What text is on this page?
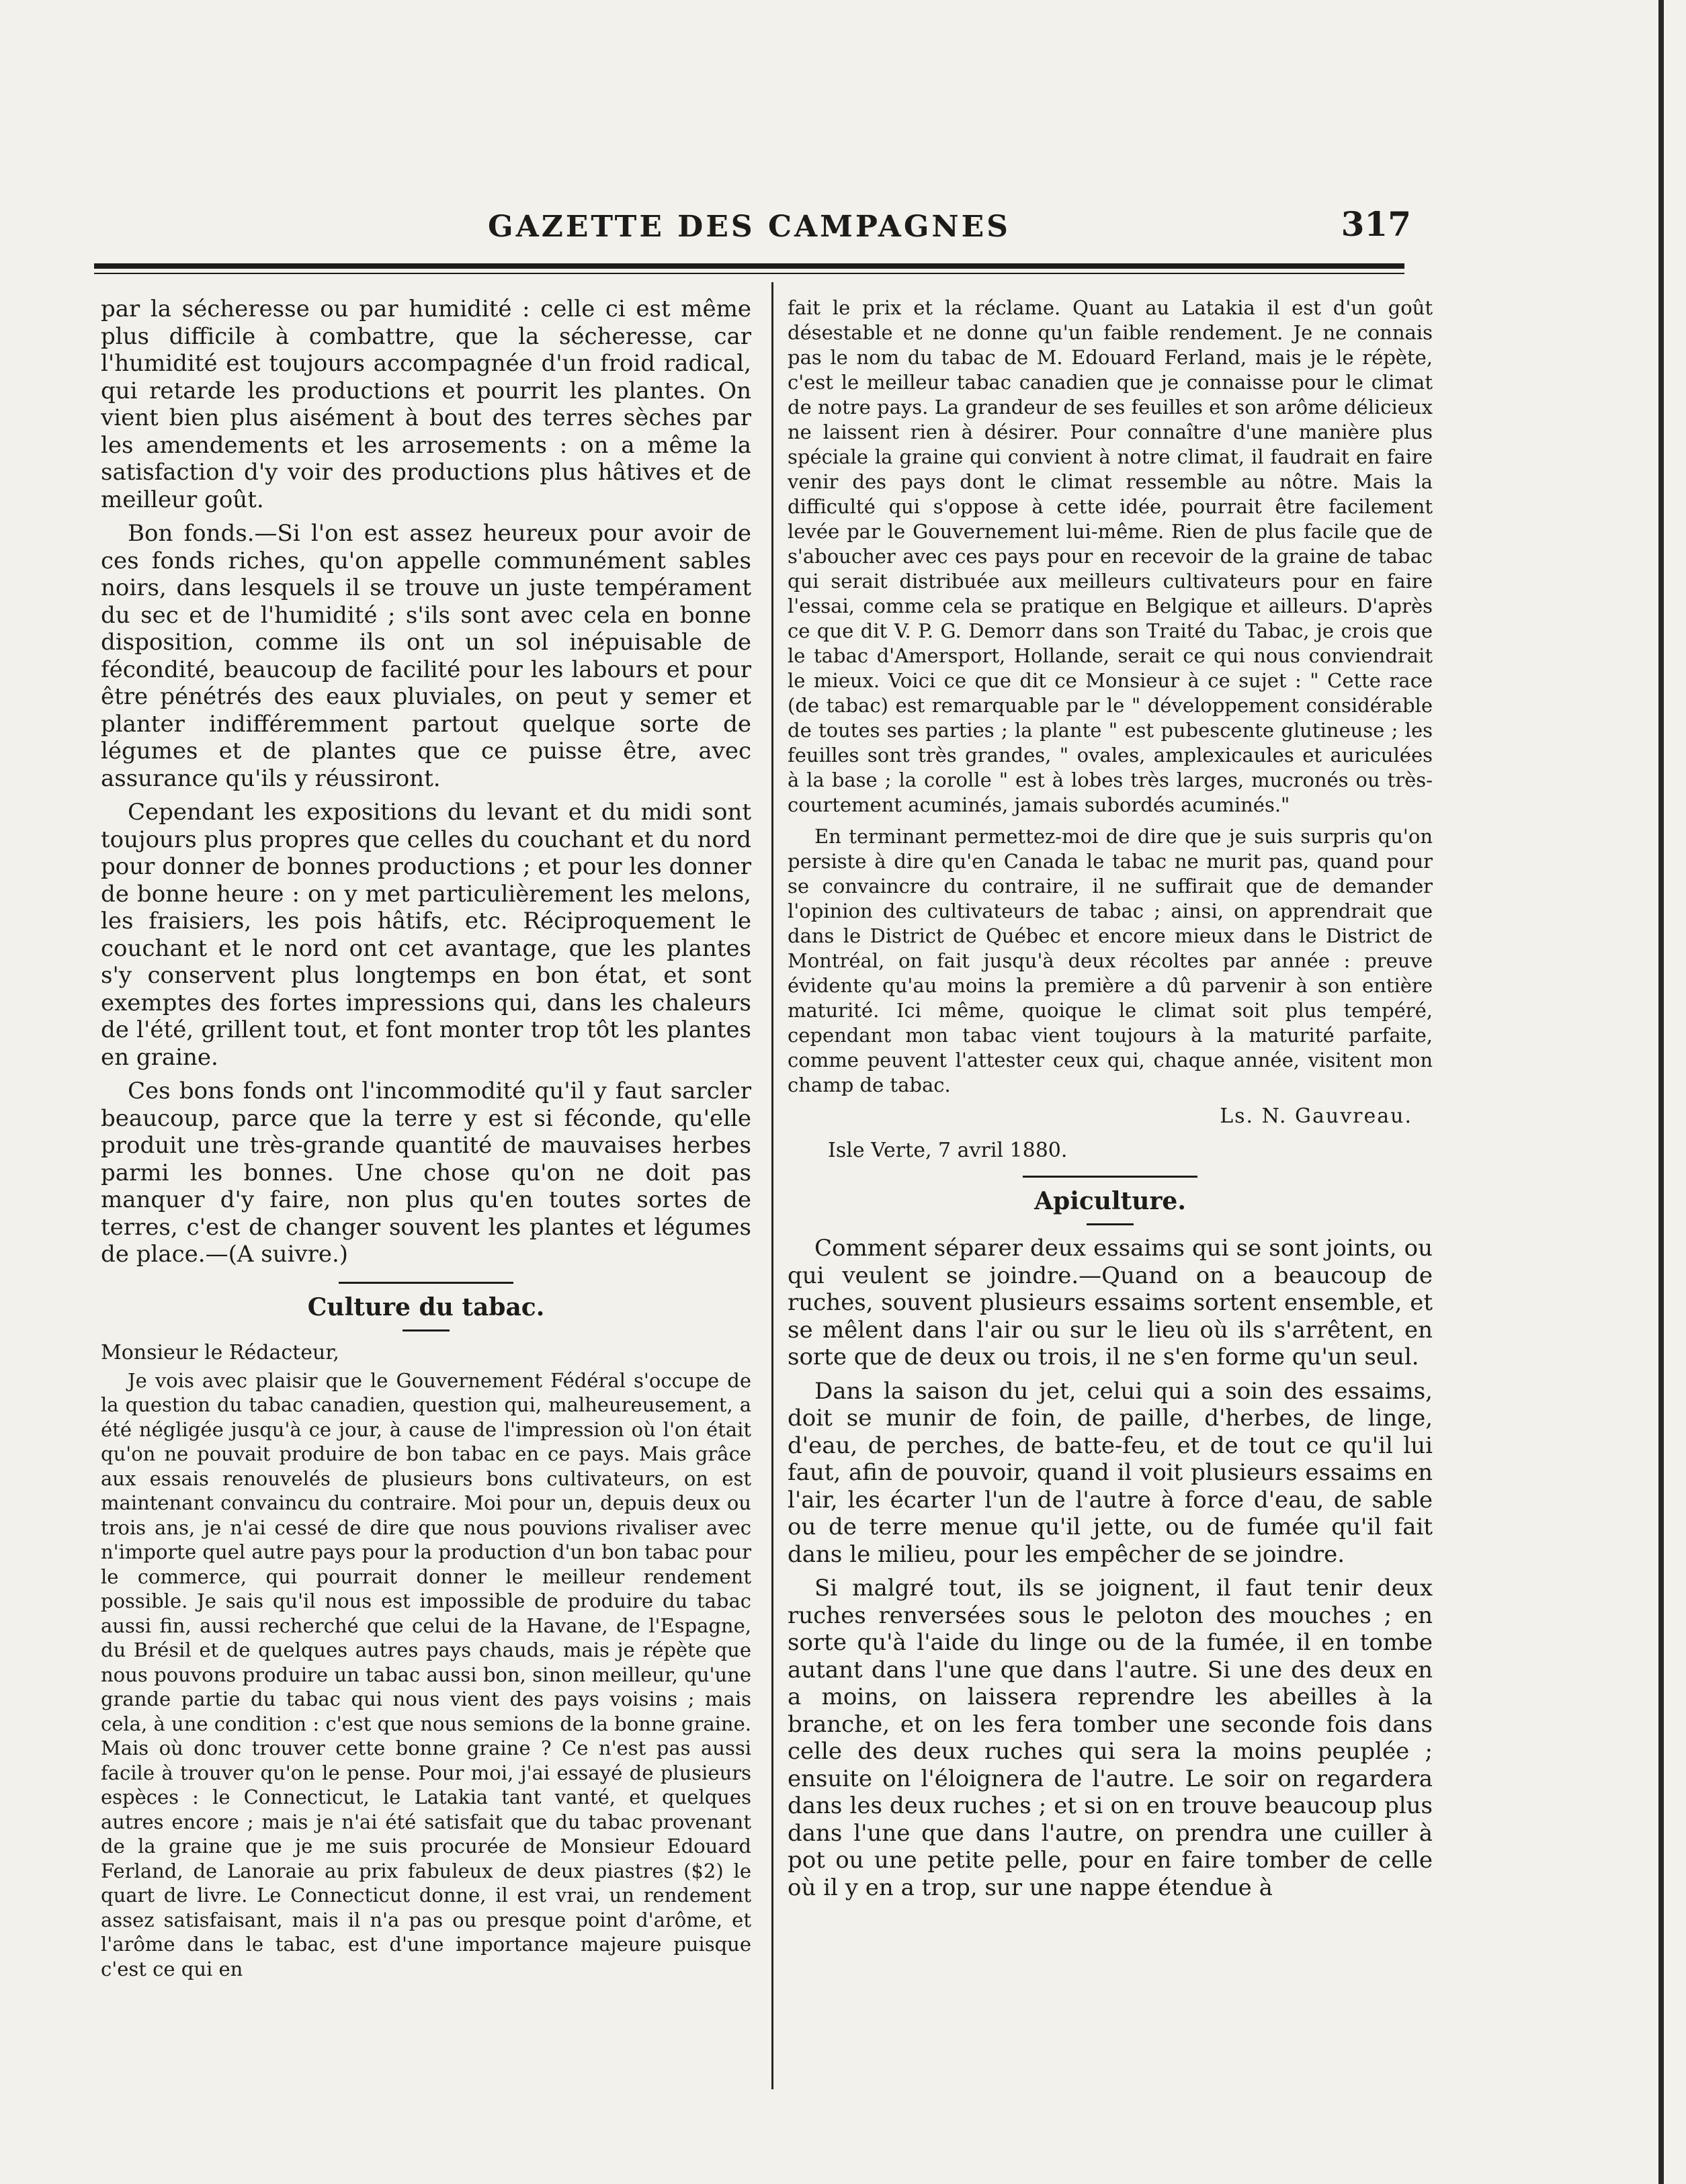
GAZETTE DES CAMPAGNES	317

par la sécheresse ou par humidité : celle ci est même plus difficile à combattre, que la sécheresse, car l'humidité est toujours accompagnée d'un froid radical, qui retarde les productions et pourrit les plantes. On vient bien plus aisément à bout des terres sèches par les amendements et les arrosements : on a même la satisfaction d'y voir des productions plus hâtives et de meilleur goût.

Bon fonds.—Si l'on est assez heureux pour avoir de ces fonds riches, qu'on appelle communément sables noirs, dans lesquels il se trouve un juste tempérament du sec et de l'humidité ; s'ils sont avec cela en bonne disposition, comme ils ont un sol inépuisable de fécondité, beaucoup de facilité pour les labours et pour être pénétrés des eaux pluviales, on peut y semer et planter indifféremment partout quelque sorte de légumes et de plantes que ce puisse être, avec assurance qu'ils y réussiront.

Cependant les expositions du levant et du midi sont toujours plus propres que celles du couchant et du nord pour donner de bonnes productions ; et pour les donner de bonne heure : on y met particulièrement les melons, les fraisiers, les pois hâtifs, etc. Réciproquement le couchant et le nord ont cet avantage, que les plantes s'y conservent plus longtemps en bon état, et sont exemptes des fortes impressions qui, dans les chaleurs de l'été, grillent tout, et font monter trop tôt les plantes en graine.

Ces bons fonds ont l'incommodité qu'il y faut sarcler beaucoup, parce que la terre y est si féconde, qu'elle produit une très-grande quantité de mauvaises herbes parmi les bonnes. Une chose qu'on ne doit pas manquer d'y faire, non plus qu'en toutes sortes de terres, c'est de changer souvent les plantes et légumes de place.—(A suivre.)

Culture du tabac.
Monsieur le Rédacteur,

Je vois avec plaisir que le Gouvernement Fédéral s'occupe de la question du tabac canadien, question qui, malheureusement, a été négligée jusqu'à ce jour, à cause de l'impression où l'on était qu'on ne pouvait produire de bon tabac en ce pays. Mais grâce aux essais renouvelés de plusieurs bons cultivateurs, on est maintenant convaincu du contraire. Moi pour un, depuis deux ou trois ans, je n'ai cessé de dire que nous pouvions rivaliser avec n'importe quel autre pays pour la production d'un bon tabac pour le commerce, qui pourrait donner le meilleur rendement possible. Je sais qu'il nous est impossible de produire du tabac aussi fin, aussi recherché que celui de la Havane, de l'Espagne, du Brésil et de quelques autres pays chauds, mais je répète que nous pouvons produire un tabac aussi bon, sinon meilleur, qu'une grande partie du tabac qui nous vient des pays voisins ; mais cela, à une condition : c'est que nous semions de la bonne graine. Mais où donc trouver cette bonne graine ? Ce n'est pas aussi facile à trouver qu'on le pense. Pour moi, j'ai essayé de plusieurs espèces : le Connecticut, le Latakia tant vanté, et quelques autres encore ; mais je n'ai été satisfait que du tabac provenant de la graine que je me suis procurée de Monsieur Edouard Ferland, de Lanoraie au prix fabuleux de deux piastres ($2) le quart de livre. Le Connecticut donne, il est vrai, un rendement assez satisfaisant, mais il n'a pas ou presque point d'arôme, et l'arôme dans le tabac, est d'une importance majeure puisque c'est ce qui en

fait le prix et la réclame. Quant au Latakia il est d'un goût désestable et ne donne qu'un faible rendement. Je ne connais pas le nom du tabac de M. Edouard Ferland, mais je le répète, c'est le meilleur tabac canadien que je connaisse pour le climat de notre pays. La grandeur de ses feuilles et son arôme délicieux ne laissent rien à désirer. Pour connaître d'une manière plus spéciale la graine qui convient à notre climat, il faudrait en faire venir des pays dont le climat ressemble au nôtre. Mais la difficulté qui s'oppose à cette idée, pourrait être facilement levée par le Gouvernement lui-même. Rien de plus facile que de s'aboucher avec ces pays pour en recevoir de la graine de tabac qui serait distribuée aux meilleurs cultivateurs pour en faire l'essai, comme cela se pratique en Belgique et ailleurs. D'après ce que dit V. P. G. Demorr dans son Traité du Tabac, je crois que le tabac d'Amersport, Hollande, serait ce qui nous conviendrait le mieux. Voici ce que dit ce Monsieur à ce sujet : " Cette race (de tabac) est remarquable par le " développement considérable de toutes ses parties ; la plante " est pubescente glutineuse ; les feuilles sont très grandes, " ovales, amplexicaules et auriculées à la base ; la corolle " est à lobes très larges, mucronés ou très-courtement acuminés, jamais subordés acuminés."

En terminant permettez-moi de dire que je suis surpris qu'on persiste à dire qu'en Canada le tabac ne murit pas, quand pour se convaincre du contraire, il ne suffirait que de demander l'opinion des cultivateurs de tabac ; ainsi, on apprendrait que dans le District de Québec et encore mieux dans le District de Montréal, on fait jusqu'à deux récoltes par année : preuve évidente qu'au moins la première a dû parvenir à son entière maturité. Ici même, quoique le climat soit plus tempéré, cependant mon tabac vient toujours à la maturité parfaite, comme peuvent l'attester ceux qui, chaque année, visitent mon champ de tabac.

Ls. N. Gauvreau.
Isle Verte, 7 avril 1880.
Apiculture.

Comment séparer deux essaims qui se sont joints, ou qui veulent se joindre.—Quand on a beaucoup de ruches, souvent plusieurs essaims sortent ensemble, et se mêlent dans l'air ou sur le lieu où ils s'arrêtent, en sorte que de deux ou trois, il ne s'en forme qu'un seul.

Dans la saison du jet, celui qui a soin des essaims, doit se munir de foin, de paille, d'herbes, de linge, d'eau, de perches, de batte-feu, et de tout ce qu'il lui faut, afin de pouvoir, quand il voit plusieurs essaims en l'air, les écarter l'un de l'autre à force d'eau, de sable ou de terre menue qu'il jette, ou de fumée qu'il fait dans le milieu, pour les empêcher de se joindre.

Si malgré tout, ils se joignent, il faut tenir deux ruches renversées sous le peloton des mouches ; en sorte qu'à l'aide du linge ou de la fumée, il en tombe autant dans l'une que dans l'autre. Si une des deux en a moins, on laissera reprendre les abeilles à la branche, et on les fera tomber une seconde fois dans celle des deux ruches qui sera la moins peuplée ; ensuite on l'éloignera de l'autre. Le soir on regardera dans les deux ruches ; et si on en trouve beaucoup plus dans l'une que dans l'autre, on prendra une cuiller à pot ou une petite pelle, pour en faire tomber de celle où il y en a trop, sur une nappe étendue à
